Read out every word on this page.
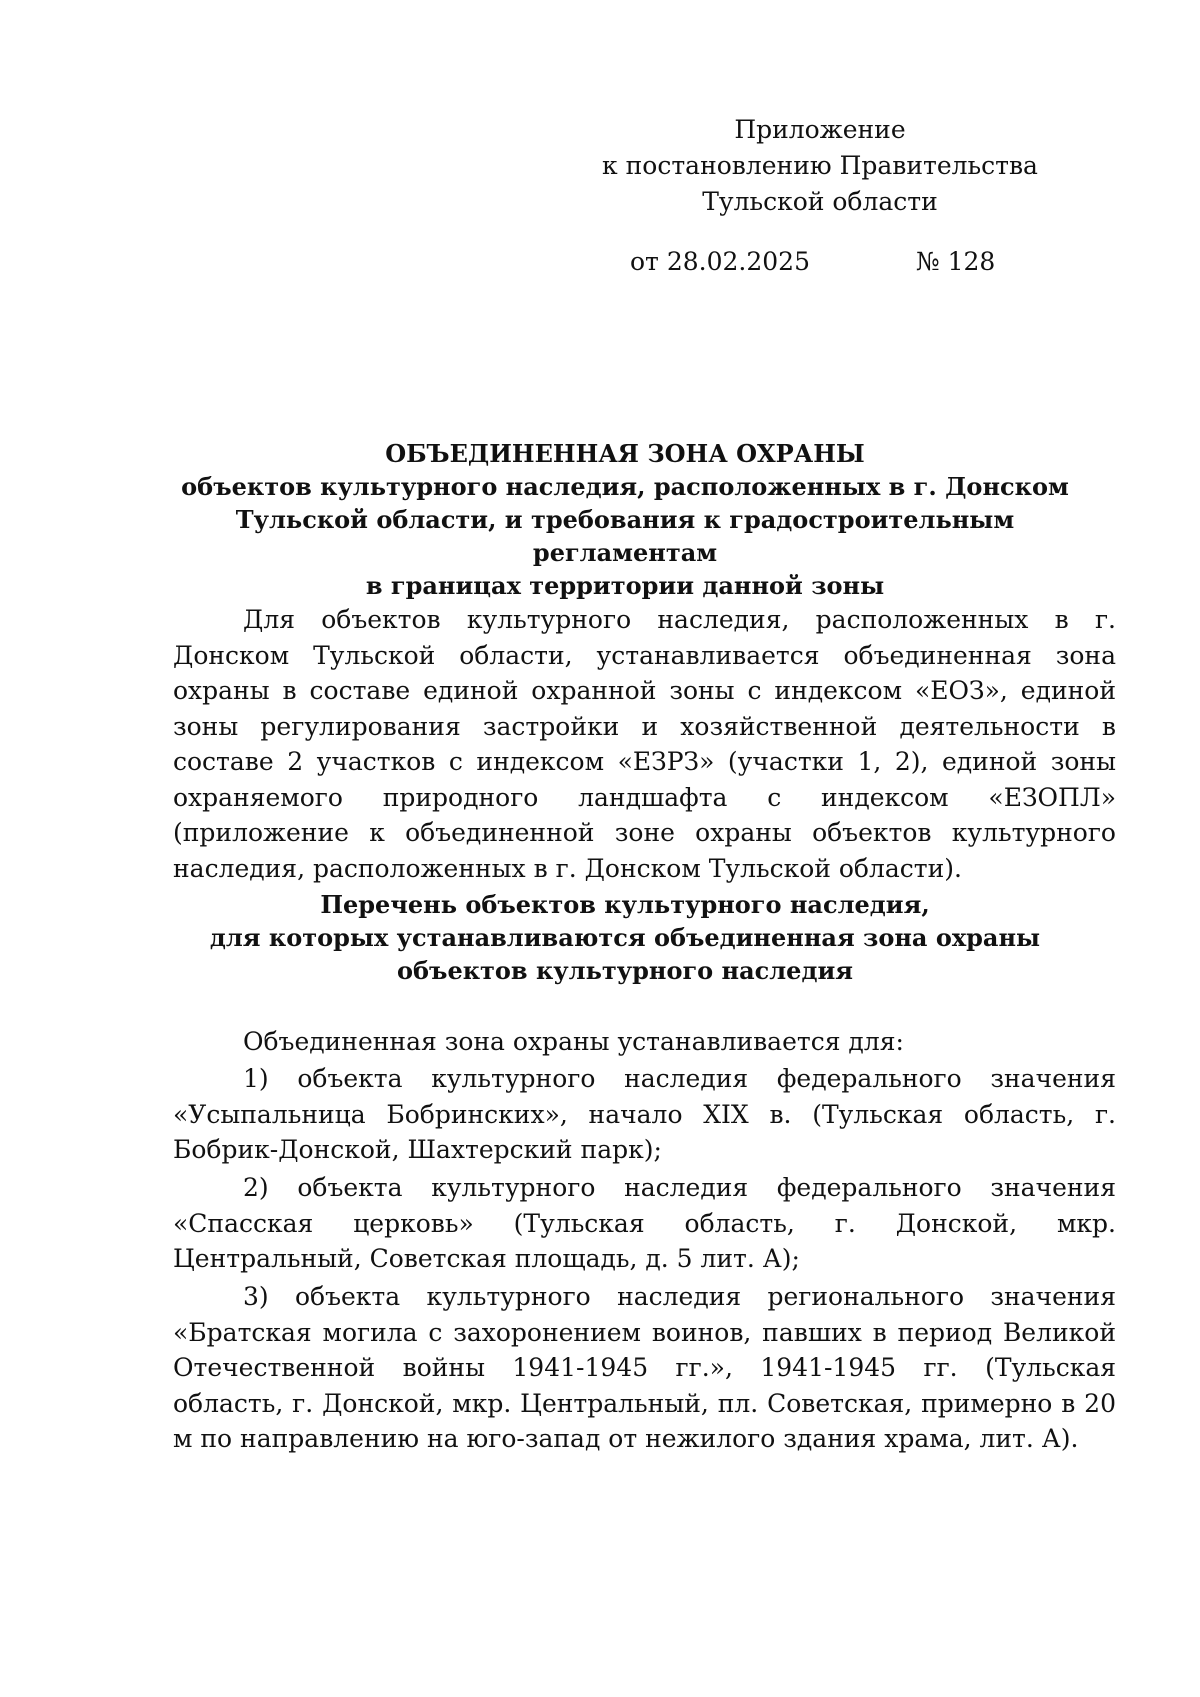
Приложение
к постановлению Правительства
Тульской области
от 28.02.2025	№ 128
ОБЪЕДИНЕННАЯ ЗОНА ОХРАНЫ
объектов культурного наследия, расположенных в г. Донском
Тульской области, и требования к градостроительным регламентам
в границах территории данной зоны

Для объектов культурного наследия, расположенных в г. Донском Тульской области, устанавливается объединенная зона охраны в составе единой охранной зоны с индексом «ЕОЗ», единой зоны регулирования застройки и хозяйственной деятельности в составе 2 участков с индексом «ЕЗРЗ» (участки 1, 2), единой зоны охраняемого природного ландшафта с индексом «ЕЗОПЛ» (приложение к объединенной зоне охраны объектов культурного наследия, расположенных в г. Донском Тульской области).

Перечень объектов культурного наследия,
для которых устанавливаются объединенная зона охраны
объектов культурного наследия

Объединенная зона охраны устанавливается для:

1) объекта культурного наследия федерального значения «Усыпальница Бобринских», начало XIX в. (Тульская область, г. Бобрик-Донской, Шахтерский парк);

2) объекта культурного наследия федерального значения «Спасская церковь» (Тульская область, г. Донской, мкр. Центральный, Советская площадь, д. 5 лит. А);

3) объекта культурного наследия регионального значения «Братская могила с захоронением воинов, павших в период Великой Отечественной войны 1941-1945 гг.», 1941-1945 гг. (Тульская область, г. Донской, мкр. Центральный, пл. Советская, примерно в 20 м по направлению на юго-запад от нежилого здания храма, лит. А).
